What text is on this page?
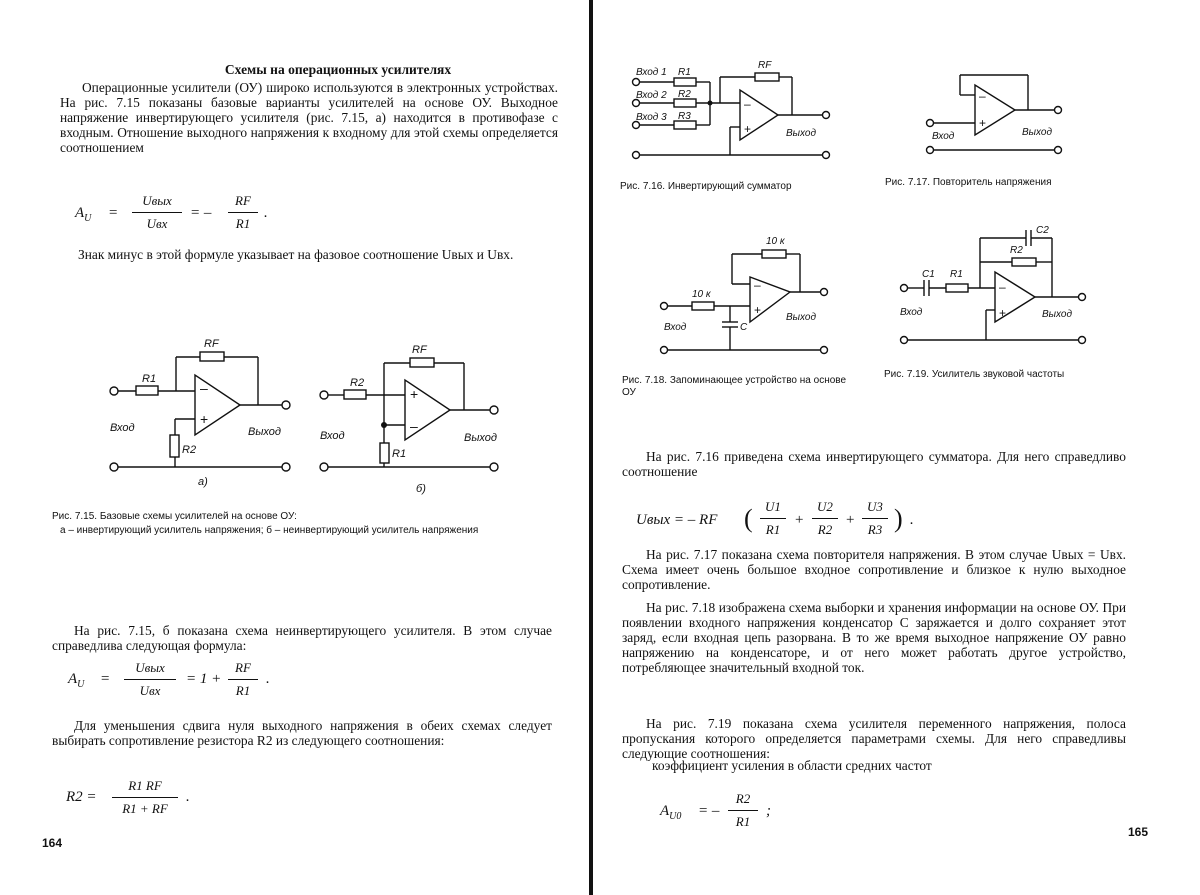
Схемы на операционных усилителях
Операционные усилители (ОУ) широко используются в электронных устройствах. На рис. 7.15 показаны базовые варианты усилителей на основе ОУ. Выходное напряжение инвертирующего усилителя (рис. 7.15, а) находится в противофазе с входным. Отношение выходного напряжения к входному для этой схемы определяется соотношением
$A_U$ =
Uвых
Uвх
= –
RF
R1
.
Знак минус в этой формуле указывает на фазовое соотношение Uвых и Uвх.
–
+
R1
RF
R2
Вход	Выход
а)
+
–
R2
RF
R1
Вход	Выход
б)
Рис. 7.15. Базовые схемы усилителей на основе ОУ:
а – инвертирующий усилитель напряжения; б – неинвертирующий усилитель напряжения
На рис. 7.15, б показана схема неинвертирующего усилителя. В этом случае справедлива следующая формула:
$A_U$ =
Uвых
Uвх
= 1 +
RF
R1
.
Для уменьшения сдвига нуля выходного напряжения в обеих схемах следует выбирать сопротивление резистора R2 из следующего соотношения:
R2 =
R1 RF
R1 + RF
.
164
–
+
Вход 1 R1
Вход 2 R2
Вход 3 R3
RF
Выход
–
+
Вход	Выход
Рис. 7.16. Инвертирующий сумматор	Рис. 7.17. Повторитель напряжения
–
+
10 к
10 к
C
Вход
Выход
–
+
C1 R1
C2
R2
Вход	Выход
Рис. 7.18. Запоминающее устройство на основе ОУ
Рис. 7.19. Усилитель звуковой частоты
На рис. 7.16 приведена схема инвертирующего сумматора. Для него справедливо соотношение
Uвых = – RF ( U1
R1
+
U2
R2
+
U3
R3 ) .
На рис. 7.17 показана схема повторителя напряжения. В этом случае Uвых = Uвх. Схема имеет очень большое входное сопротивление и близкое к нулю выходное сопротивление.
На рис. 7.18 изображена схема выборки и хранения информации на основе ОУ. При появлении входного напряжения конденсатор С заряжается и долго сохраняет этот заряд, если входная цепь разорвана. В то же время выходное напряжение ОУ равно напряжению на конденсаторе, и от него может работать другое устройство, потребляющее значительный входной ток.
На рис. 7.19 показана схема усилителя переменного напряжения, полоса пропускания которого определяется параметрами схемы. Для него справедливы следующие соотношения:
коэффициент усиления в области средних частот
$A_{U0}$ = –
R2
R1
;
165
